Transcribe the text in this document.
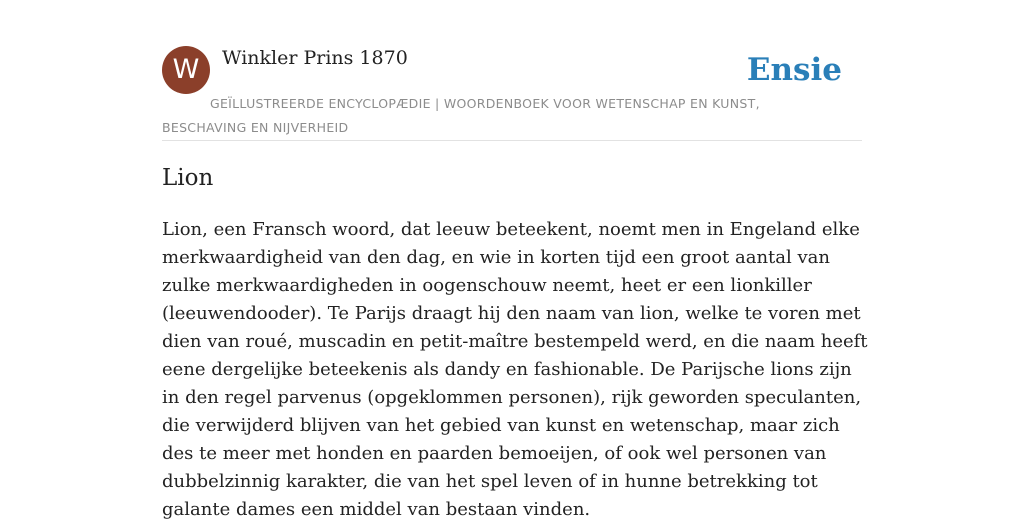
W	Winkler Prins 1870	Ensie
GEÏLLUSTREERDE ENCYCLOPÆDIE | WOORDENBOEK VOOR WETENSCHAP EN KUNST, BESCHAVING EN NIJVERHEID
Lion

Lion, een Fransch woord, dat leeuw beteekent, noemt men in Engeland elke merkwaardigheid van den dag, en wie in korten tijd een groot aantal van zulke merkwaardigheden in oogenschouw neemt, heet er een lionkiller (leeuwendooder). Te Parijs draagt hij den naam van lion, welke te voren met dien van roué, muscadin en petit-maître bestempeld werd, en die naam heeft eene dergelijke beteekenis als dandy en fashionable. De Parijsche lions zijn in den regel parvenus (opgeklommen personen), rijk geworden speculanten, die verwijderd blijven van het gebied van kunst en wetenschap, maar zich des te meer met honden en paarden bemoeijen, of ook wel personen van dubbelzinnig karakter, die van het spel leven of in hunne betrekking tot galante dames een middel van bestaan vinden.
